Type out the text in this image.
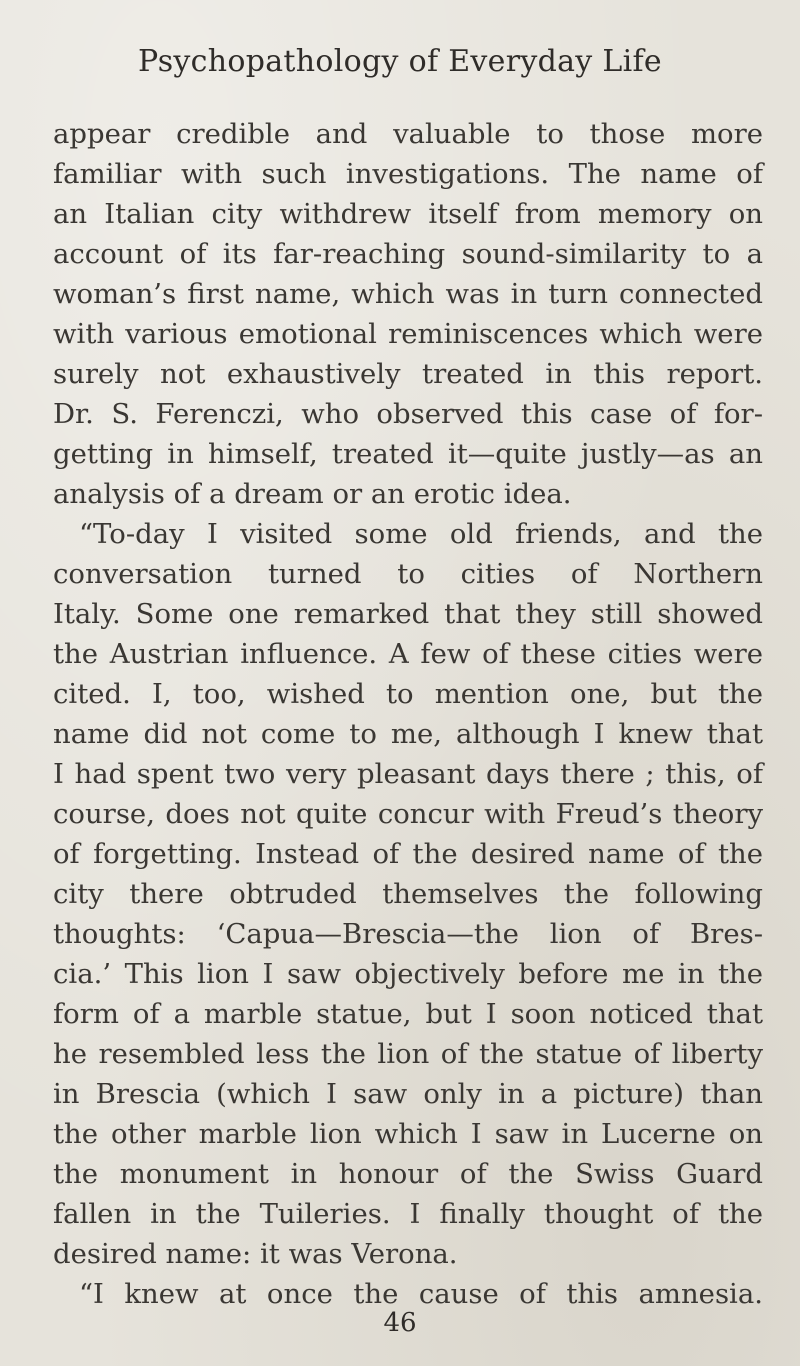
Psychopathology of Everyday Life
appear credible and valuable to those more
familiar with such investigations. The name of
an Italian city withdrew itself from memory on
account of its far-reaching sound-similarity to a
woman’s first name, which was in turn connected
with various emotional reminiscences which were
surely not exhaustively treated in this report.
Dr. S. Ferenczi, who observed this case of for-
getting in himself, treated it—quite justly—as an
analysis of a dream or an erotic idea.
“To-day I visited some old friends, and the
conversation turned to cities of Northern
Italy. Some one remarked that they still showed
the Austrian influence. A few of these cities were
cited. I, too, wished to mention one, but the
name did not come to me, although I knew that
I had spent two very pleasant days there ; this, of
course, does not quite concur with Freud’s theory
of forgetting. Instead of the desired name of the
city there obtruded themselves the following
thoughts: ‘Capua—Brescia—the lion of Bres-
cia.’ This lion I saw objectively before me in the
form of a marble statue, but I soon noticed that
he resembled less the lion of the statue of liberty
in Brescia (which I saw only in a picture) than
the other marble lion which I saw in Lucerne on
the monument in honour of the Swiss Guard
fallen in the Tuileries. I finally thought of the
desired name: it was Verona.
“I knew at once the cause of this amnesia.
46
